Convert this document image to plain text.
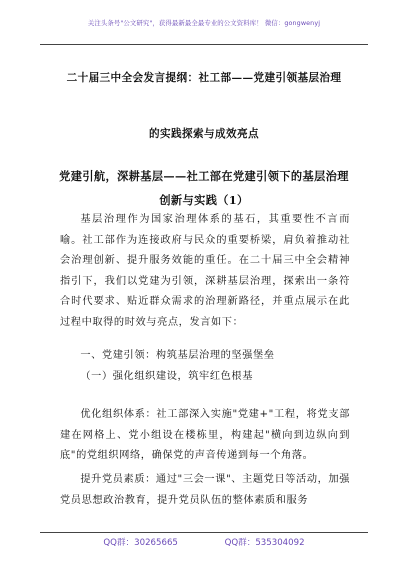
关注头条号"公文研究"，获得最新最全最专业的公文资料库！ 微信：gongwenyj
二十届三中全会发言提纲：社工部——党建引领基层治理
的实践探索与成效亮点
党建引航，深耕基层——社工部在党建引领下的基层治理
创新与实践（1）
基层治理作为国家治理体系的基石，其重要性不言而喻。社工部作为连接政府与民众的重要桥梁，肩负着推动社会治理创新、提升服务效能的重任。在二十届三中全会精神指引下，我们以党建为引领，深耕基层治理，探索出一条符合时代要求、贴近群众需求的治理新路径，并重点展示在此过程中取得的时效与亮点，发言如下：
一、党建引领：构筑基层治理的坚强堡垒
（一）强化组织建设，筑牢红色根基
优化组织体系：社工部深入实施"党建+"工程，将党支部建在网格上、党小组设在楼栋里，构建起"横向到边纵向到底"的党组织网络，确保党的声音传递到每一个角落。
提升党员素质：通过"三会一课"、主题党日等活动，加强党员思想政治教育，提升党员队伍的整体素质和服务
QQ群：30265665	QQ群：535304092
